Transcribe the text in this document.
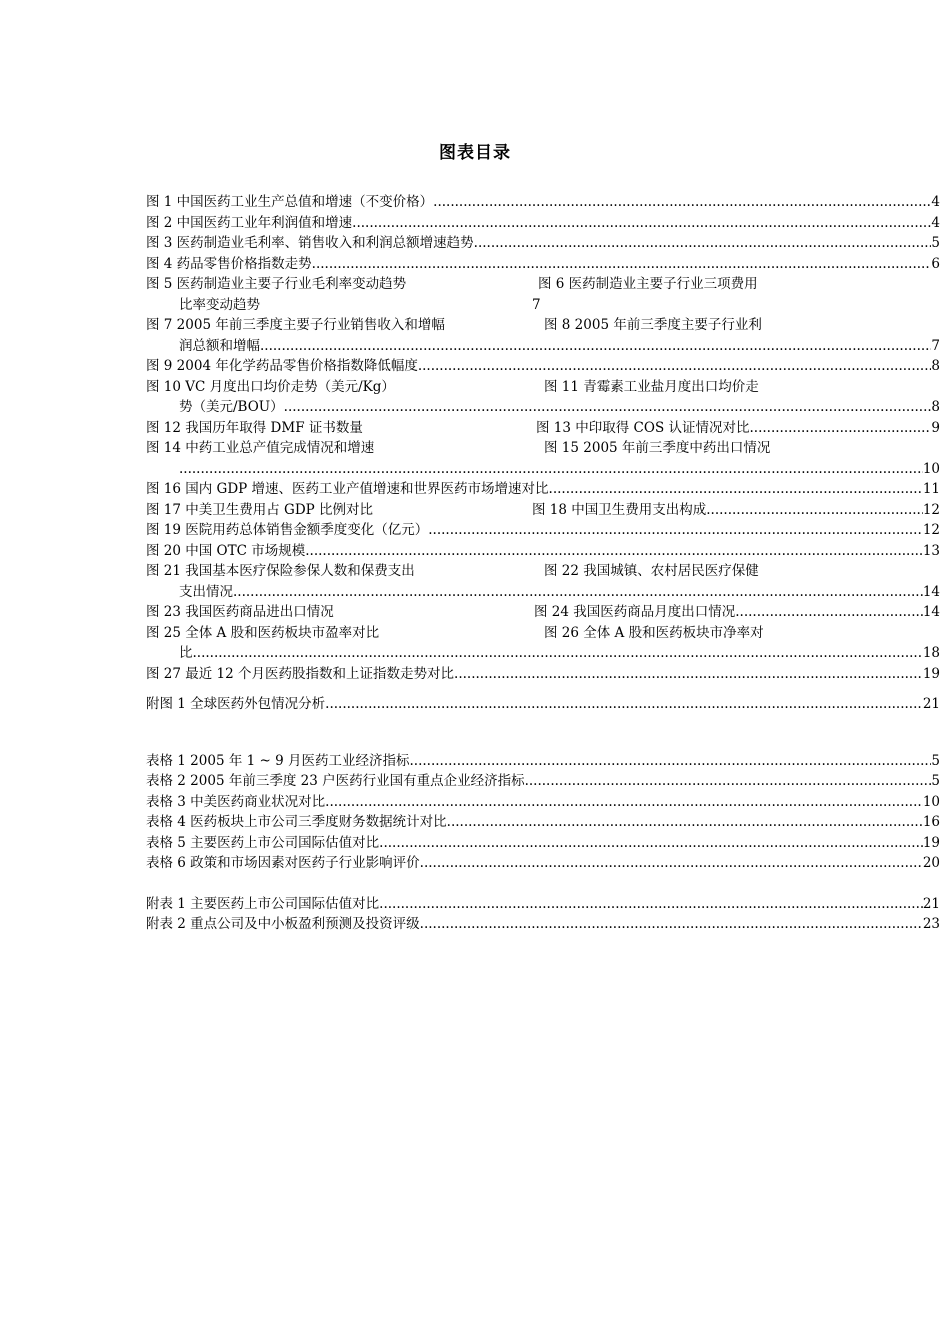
图表目录
图 1 中国医药工业生产总值和增速（不变价格） .....	4
图 2 中国医药工业年利润值和增速 .....	4
图 3 医药制造业毛利率、销售收入和利润总额增速趋势 .....	5
图 4 药品零售价格指数走势 .....	6
图 5 医药制造业主要子行业毛利率变动趋势	图 6 医药制造业主要子行业三项费用
比率变动趋势	7
图 7 2005 年前三季度主要子行业销售收入和增幅	图 8 2005 年前三季度主要子行业利
润总额和增幅 .....	7
图 9 2004 年化学药品零售价格指数降低幅度 .....	8
图 10 VC 月度出口均价走势（美元/Kg）	图 11 青霉素工业盐月度出口均价走
势（美元/BOU） .....	8
图 12 我国历年取得 DMF 证书数量	图 13 中印取得 COS 认证情况对比 .....	9
图 14 中药工业总产值完成情况和增速	图 15 2005 年前三季度中药出口情况
.....
10
图 16 国内 GDP 增速、医药工业产值增速和世界医药市场增速对比 .....	11
图 17 中美卫生费用占 GDP 比例对比	图 18 中国卫生费用支出构成 .....	12
图 19 医院用药总体销售金额季度变化（亿元） .....	12
图 20 中国 OTC 市场规模 .....	13
图 21 我国基本医疗保险参保人数和保费支出	图 22 我国城镇、农村居民医疗保健
支出情况 .....	14
图 23 我国医药商品进出口情况	图 24 我国医药商品月度出口情况 .....	14
图 25 全体 A 股和医药板块市盈率对比	图 26 全体 A 股和医药板块市净率对
比 .....	18
图 27 最近 12 个月医药股指数和上证指数走势对比 .....	19
附图 1 全球医药外包情况分析 .....	21
表格 1 2005 年 1 ~ 9 月医药工业经济指标 .....	5
表格 2 2005 年前三季度 23 户医药行业国有重点企业经济指标 .....	5
表格 3 中美医药商业状况对比 .....	10
表格 4 医药板块上市公司三季度财务数据统计对比 .....	16
表格 5 主要医药上市公司国际估值对比 .....	19
表格 6 政策和市场因素对医药子行业影响评价 .....	20
附表 1 主要医药上市公司国际估值对比 .....	21
附表 2 重点公司及中小板盈利预测及投资评级 .....	23
